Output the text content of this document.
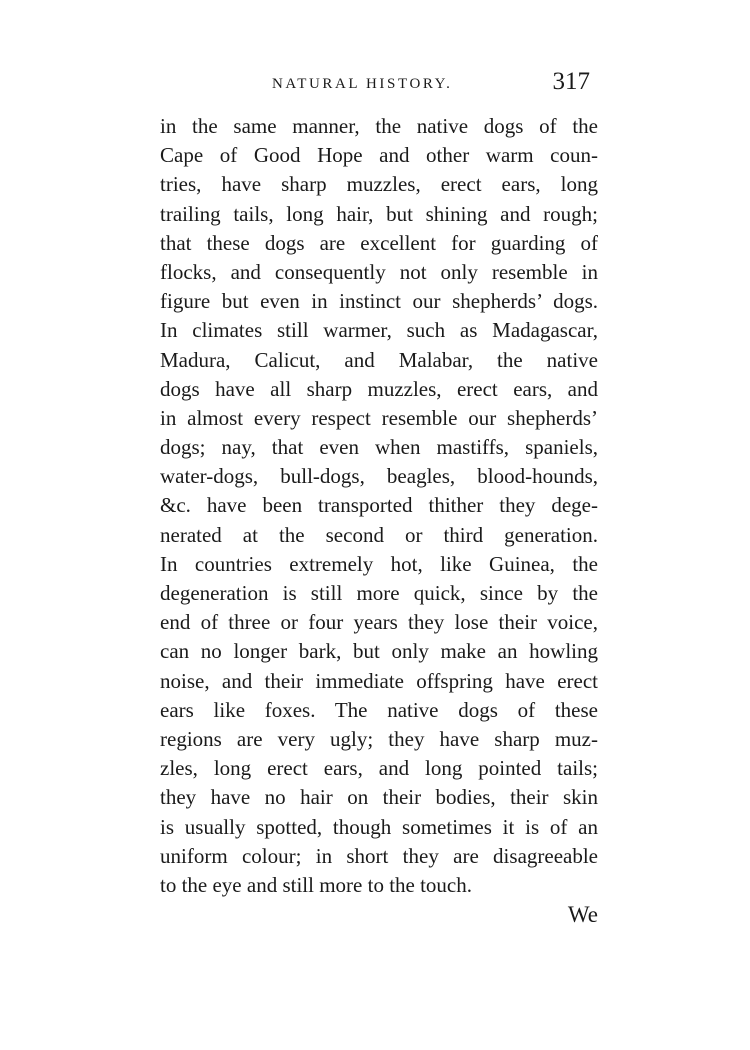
NATURAL HISTORY.	317
in the same manner, the native dogs of the
Cape of Good Hope and other warm coun-
tries, have sharp muzzles, erect ears, long
trailing tails, long hair, but shining and rough;
that these dogs are excellent for guarding of
flocks, and consequently not only resemble in
figure but even in instinct our shepherds’ dogs.
In climates still warmer, such as Madagascar,
Madura, Calicut, and Malabar, the native
dogs have all sharp muzzles, erect ears, and
in almost every respect resemble our shepherds’
dogs; nay, that even when mastiffs, spaniels,
water-dogs, bull-dogs, beagles, blood-hounds,
&c. have been transported thither they dege-
nerated at the second or third generation.
In countries extremely hot, like Guinea, the
degeneration is still more quick, since by the
end of three or four years they lose their voice,
can no longer bark, but only make an howling
noise, and their immediate offspring have erect
ears like foxes. The native dogs of these
regions are very ugly; they have sharp muz-
zles, long erect ears, and long pointed tails;
they have no hair on their bodies, their skin
is usually spotted, though sometimes it is of an
uniform colour; in short they are disagreeable
to the eye and still more to the touch.
We
